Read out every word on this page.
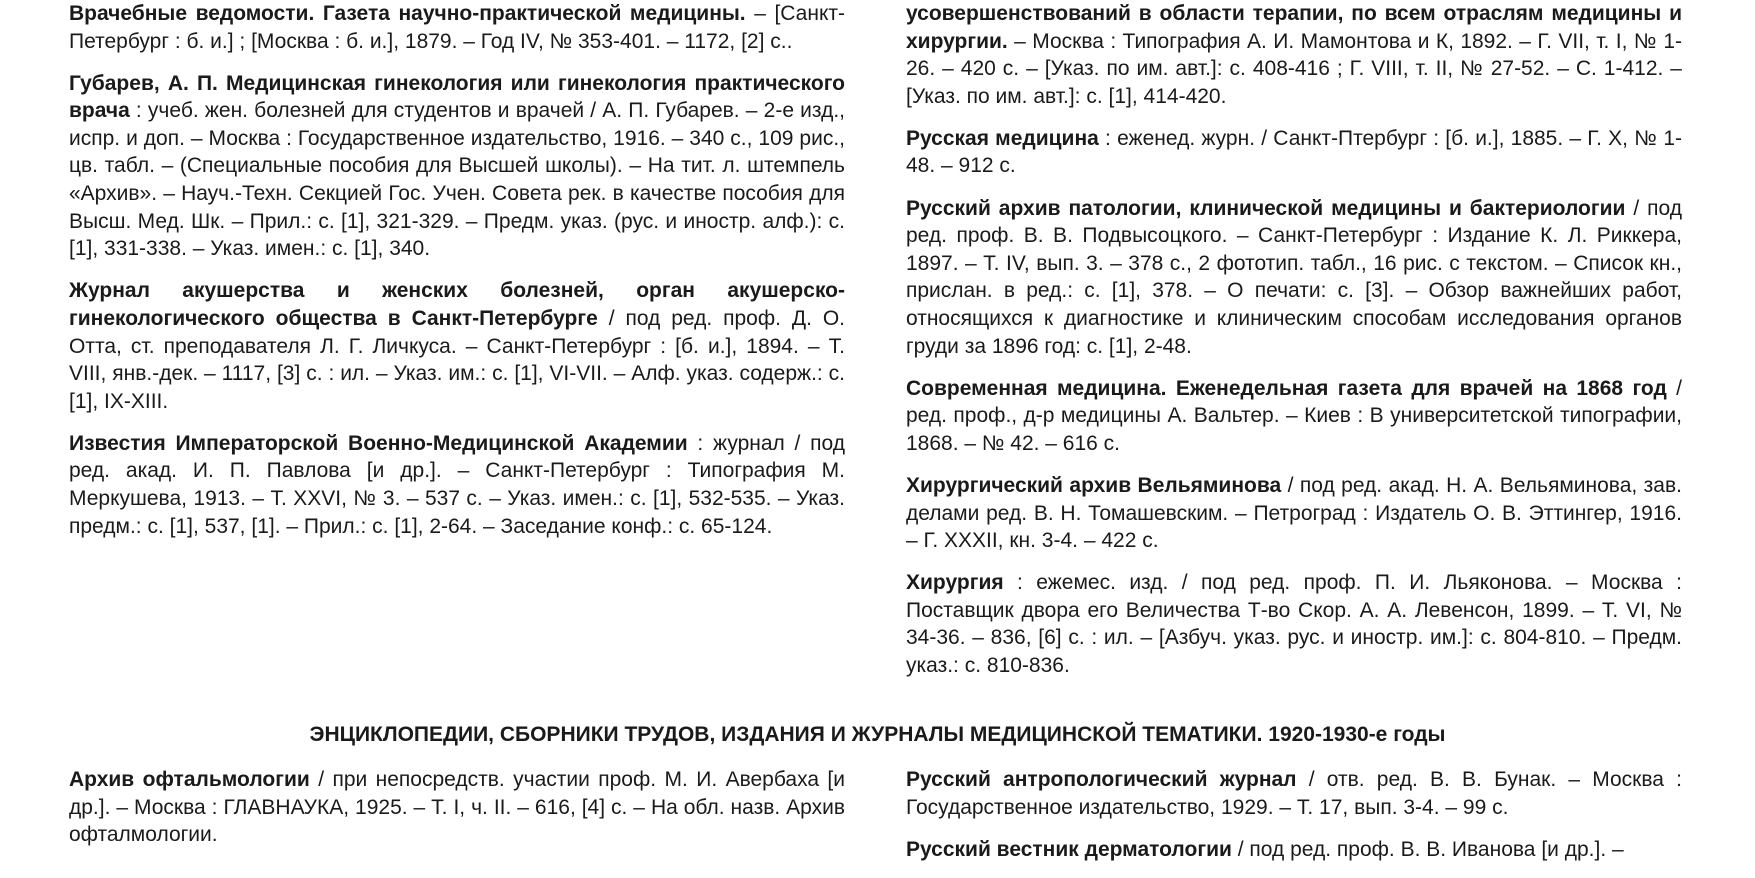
Врачебные ведомости. Газета научно-практической медицины. – [Санкт-Петербург : б. и.] ; [Москва : б. и.], 1879. – Год IV, № 353-401. – 1172, [2] с..

Губарев, А. П. Медицинская гинекология или гинекология практического врача : учеб. жен. болезней для студентов и врачей / А. П. Губарев. – 2-е изд., испр. и доп. – Москва : Государственное издательство, 1916. – 340 с., 109 рис., цв. табл. – (Специальные пособия для Высшей школы). – На тит. л. штемпель «Архив». – Науч.-Техн. Секцией Гос. Учен. Совета рек. в качестве пособия для Высш. Мед. Шк. – Прил.: с. [1], 321-329. – Предм. указ. (рус. и иностр. алф.): с. [1], 331-338. – Указ. имен.: с. [1], 340.

Журнал акушерства и женских болезней, орган акушерско-гинекологического общества в Санкт-Петербурге / под ред. проф. Д. О. Отта, ст. преподавателя Л. Г. Личкуса. – Санкт-Петербург : [б. и.], 1894. – Т. VIII, янв.-дек. – 1117, [3] с. : ил. – Указ. им.: с. [1], VI-VII. – Алф. указ. содерж.: с. [1], IX-XIII.

Известия Императорской Военно-Медицинской Академии : журнал / под ред. акад. И. П. Павлова [и др.]. – Санкт-Петербург : Типография М. Меркушева, 1913. – Т. XXVI, № 3. – 537 с. – Указ. имен.: с. [1], 532-535. – Указ. предм.: с. [1], 537, [1]. – Прил.: с. [1], 2-64. – Заседание конф.: с. 65-124.

усовершенствований в области терапии, по всем отраслям медицины и хирургии. – Москва : Типография А. И. Мамонтова и К, 1892. – Г. VII, т. I, № 1-26. – 420 с. – [Указ. по им. авт.]: с. 408-416 ; Г. VIII, т. II, № 27-52. – С. 1-412. – [Указ. по им. авт.]: с. [1], 414-420.

Русская медицина : еженед. журн. / Санкт-Птербург : [б. и.], 1885. – Г. X, № 1-48. – 912 с.

Русский архив патологии, клинической медицины и бактериологии / под ред. проф. В. В. Подвысоцкого. – Санкт-Петербург : Издание К. Л. Риккера, 1897. – Т. IV, вып. 3. – 378 с., 2 фототип. табл., 16 рис. с текстом. – Список кн., прислан. в ред.: с. [1], 378. – О печати: с. [3]. – Обзор важнейших работ, относящихся к диагностике и клиническим способам исследования органов груди за 1896 год: с. [1], 2-48.

Современная медицина. Еженедельная газета для врачей на 1868 год / ред. проф., д-р медицины А. Вальтер. – Киев : В университетской типографии, 1868. – № 42. – 616 с.

Хирургический архив Вельяминова / под ред. акад. Н. А. Вельяминова, зав. делами ред. В. Н. Томашевским. – Петроград : Издатель О. В. Эттингер, 1916. – Г. XXXII, кн. 3-4. – 422 с.

Хирургия : ежемес. изд. / под ред. проф. П. И. Льяконова. – Москва : Поставщик двора его Величества Т-во Скор. А. А. Левенсон, 1899. – Т. VI, № 34-36. – 836, [6] с. : ил. – [Азбуч. указ. рус. и иностр. им.]: с. 804-810. – Предм. указ.: с. 810-836.

ЭНЦИКЛОПЕДИИ, СБОРНИКИ ТРУДОВ, ИЗДАНИЯ И ЖУРНАЛЫ МЕДИЦИНСКОЙ ТЕМАТИКИ. 1920-1930-е годы

Архив офтальмологии / при непосредств. участии проф. М. И. Авербаха [и др.]. – Москва : ГЛАВНАУКА, 1925. – Т. I, ч. II. – 616, [4] с. – На обл. назв. Архив офталмологии.

Русский антропологический журнал / отв. ред. В. В. Бунак. – Москва : Государственное издательство, 1929. – Т. 17, вып. 3-4. – 99 с.

Русский вестник дерматологии / под ред. проф. В. В. Иванова [и др.]. –
